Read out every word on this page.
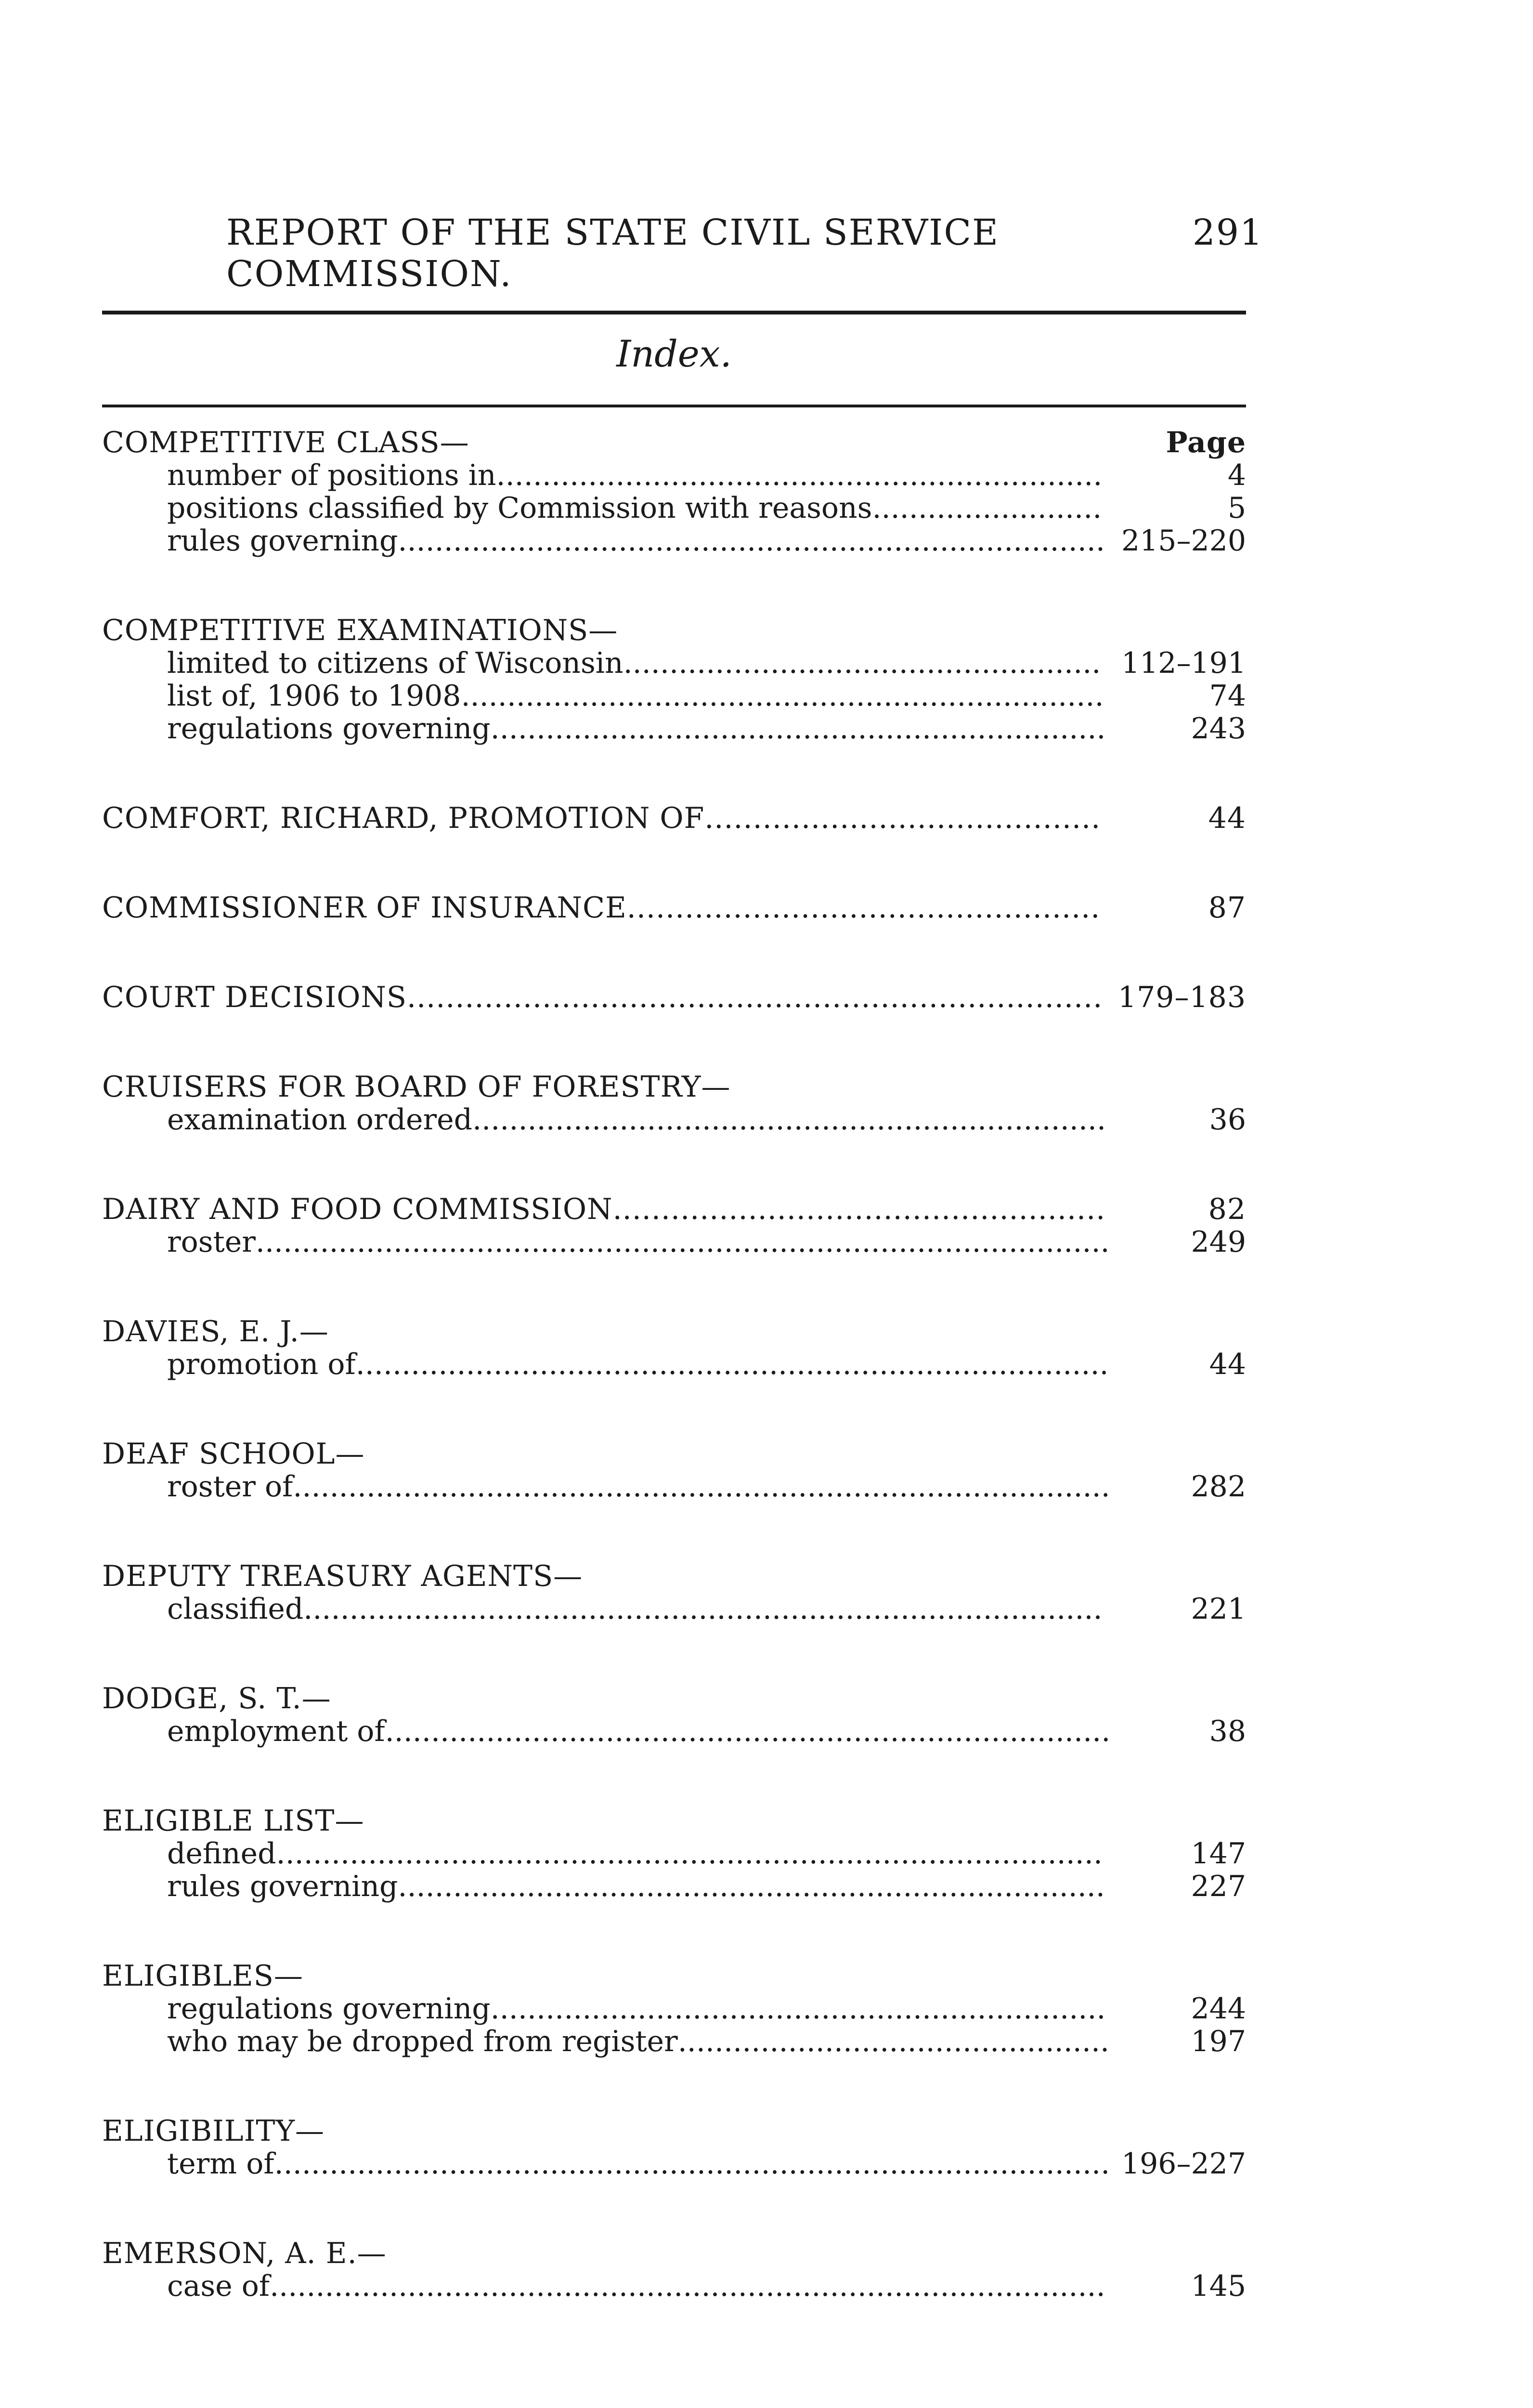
REPORT OF THE STATE CIVIL SERVICE COMMISSION.
291
Index.
COMPETITIVE CLASS—	Page
number of positions in..................................................................	4
positions classified by Commission with reasons.........................	5
rules governing............................................................................. 215–220
COMPETITIVE EXAMINATIONS—
limited to citizens of Wisconsin.................................................... 112–191
list of, 1906 to 1908......................................................................	74
regulations governing...................................................................	243
COMFORT, RICHARD, PROMOTION OF.........................................	44
COMMISSIONER OF INSURANCE.................................................	87
COURT DECISIONS........................................................................ 179–183
CRUISERS FOR BOARD OF FORESTRY—
examination ordered.....................................................................	36
DAIRY AND FOOD COMMISSION...................................................	82
roster.............................................................................................	249
DAVIES, E. J.—
promotion of..................................................................................	44
DEAF SCHOOL—
roster of.........................................................................................	282
DEPUTY TREASURY AGENTS—
classified.......................................................................................	221
DODGE, S. T.—
employment of...............................................................................	38
ELIGIBLE LIST—
defined..........................................................................................	147
rules governing.............................................................................	227
ELIGIBLES—
regulations governing...................................................................	244
who may be dropped from register...............................................	197
ELIGIBILITY—
term of........................................................................................... 196–227
EMERSON, A. E.—
case of...........................................................................................	145
